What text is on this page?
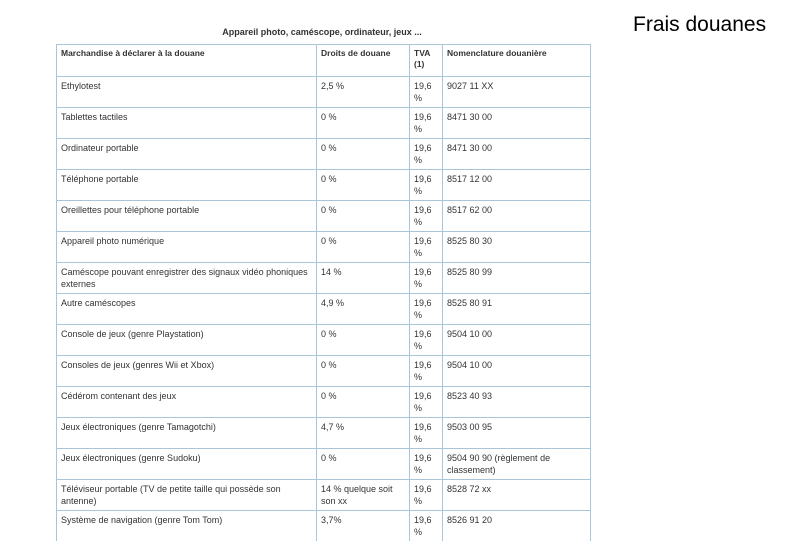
Frais douanes
Appareil photo, caméscope, ordinateur, jeux ...
Marchandise à déclarer à la douane	Droits de douane	TVA (1)	Nomenclature douanière
Ethylotest	2,5 %	19,6 %	9027 11 XX
Tablettes tactiles	0 %	19,6 %	8471 30 00
Ordinateur portable	0 %	19,6 %	8471 30 00
Téléphone portable	0 %	19,6 %	8517 12 00
Oreillettes pour téléphone portable	0 %	19,6 %	8517 62 00
Appareil photo numérique	0 %	19,6 %	8525 80 30
Caméscope pouvant enregistrer des signaux vidéo phoniques externes	14 %	19,6 %	8525 80 99
Autre caméscopes	4,9 %	19,6 %	8525 80 91
Console de jeux (genre Playstation)	0 %	19,6 %	9504 10 00
Consoles de jeux (genres Wii et Xbox)	0 %	19,6 %	9504 10 00
Cédérom contenant des jeux	0 %	19,6 %	8523 40 93
Jeux électroniques (genre Tamagotchi)	4,7 %	19,6 %	9503 00 95
Jeux électroniques (genre Sudoku)	0 %	19,6 %	9504 90 90 (règlement de classement)
Téléviseur portable (TV de petite taille qui possède son antenne)	14 % quelque soit son xx	19,6 %	8528 72 xx
Système de navigation (genre Tom Tom)	3,7%	19,6 %	8526 91 20
